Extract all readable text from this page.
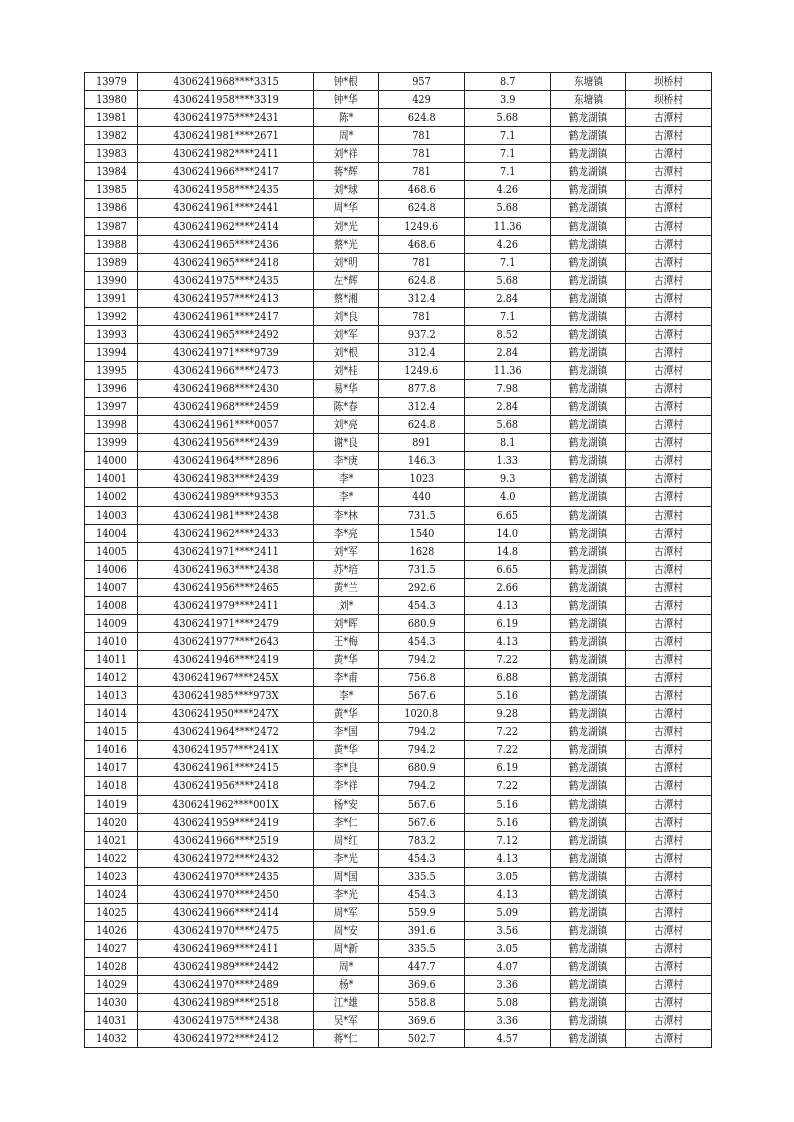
13979	4306241968****3315	钟*根	957	8.7	东塘镇	坝桥村
13980	4306241958****3319	钟*华	429	3.9	东塘镇	坝桥村
13981	4306241975****2431	陈*	624.8	5.68	鹤龙湖镇	古潭村
13982	4306241981****2671	周*	781	7.1	鹤龙湖镇	古潭村
13983	4306241982****2411	刘*祥	781	7.1	鹤龙湖镇	古潭村
13984	4306241966****2417	蒋*辉	781	7.1	鹤龙湖镇	古潭村
13985	4306241958****2435	刘*球	468.6	4.26	鹤龙湖镇	古潭村
13986	4306241961****2441	周*华	624.8	5.68	鹤龙湖镇	古潭村
13987	4306241962****2414	刘*光	1249.6	11.36	鹤龙湖镇	古潭村
13988	4306241965****2436	蔡*光	468.6	4.26	鹤龙湖镇	古潭村
13989	4306241965****2418	刘*明	781	7.1	鹤龙湖镇	古潭村
13990	4306241975****2435	左*辉	624.8	5.68	鹤龙湖镇	古潭村
13991	4306241957****2413	蔡*湘	312.4	2.84	鹤龙湖镇	古潭村
13992	4306241961****2417	刘*良	781	7.1	鹤龙湖镇	古潭村
13993	4306241965****2492	刘*军	937.2	8.52	鹤龙湖镇	古潭村
13994	4306241971****9739	刘*根	312.4	2.84	鹤龙湖镇	古潭村
13995	4306241966****2473	刘*桂	1249.6	11.36	鹤龙湖镇	古潭村
13996	4306241968****2430	易*华	877.8	7.98	鹤龙湖镇	古潭村
13997	4306241968****2459	陈*春	312.4	2.84	鹤龙湖镇	古潭村
13998	4306241961****0057	刘*亮	624.8	5.68	鹤龙湖镇	古潭村
13999	4306241956****2439	谢*良	891	8.1	鹤龙湖镇	古潭村
14000	4306241964****2896	李*庚	146.3	1.33	鹤龙湖镇	古潭村
14001	4306241983****2439	李*	1023	9.3	鹤龙湖镇	古潭村
14002	4306241989****9353	李*	440	4.0	鹤龙湖镇	古潭村
14003	4306241981****2438	李*林	731.5	6.65	鹤龙湖镇	古潭村
14004	4306241962****2433	李*亮	1540	14.0	鹤龙湖镇	古潭村
14005	4306241971****2411	刘*军	1628	14.8	鹤龙湖镇	古潭村
14006	4306241963****2438	苏*培	731.5	6.65	鹤龙湖镇	古潭村
14007	4306241956****2465	黄*兰	292.6	2.66	鹤龙湖镇	古潭村
14008	4306241979****2411	刘*	454.3	4.13	鹤龙湖镇	古潭村
14009	4306241971****2479	刘*晖	680.9	6.19	鹤龙湖镇	古潭村
14010	4306241977****2643	王*梅	454.3	4.13	鹤龙湖镇	古潭村
14011	4306241946****2419	黄*华	794.2	7.22	鹤龙湖镇	古潭村
14012	4306241967****245X	李*甫	756.8	6.88	鹤龙湖镇	古潭村
14013	4306241985****973X	李*	567.6	5.16	鹤龙湖镇	古潭村
14014	4306241950****247X	黄*华	1020.8	9.28	鹤龙湖镇	古潭村
14015	4306241964****2472	李*国	794.2	7.22	鹤龙湖镇	古潭村
14016	4306241957****241X	黄*华	794.2	7.22	鹤龙湖镇	古潭村
14017	4306241961****2415	李*良	680.9	6.19	鹤龙湖镇	古潭村
14018	4306241956****2418	李*祥	794.2	7.22	鹤龙湖镇	古潭村
14019	4306241962****001X	杨*安	567.6	5.16	鹤龙湖镇	古潭村
14020	4306241959****2419	李*仁	567.6	5.16	鹤龙湖镇	古潭村
14021	4306241966****2519	周*红	783.2	7.12	鹤龙湖镇	古潭村
14022	4306241972****2432	李*光	454.3	4.13	鹤龙湖镇	古潭村
14023	4306241970****2435	周*国	335.5	3.05	鹤龙湖镇	古潭村
14024	4306241970****2450	李*光	454.3	4.13	鹤龙湖镇	古潭村
14025	4306241966****2414	周*军	559.9	5.09	鹤龙湖镇	古潭村
14026	4306241970****2475	周*安	391.6	3.56	鹤龙湖镇	古潭村
14027	4306241969****2411	周*新	335.5	3.05	鹤龙湖镇	古潭村
14028	4306241989****2442	周*	447.7	4.07	鹤龙湖镇	古潭村
14029	4306241970****2489	杨*	369.6	3.36	鹤龙湖镇	古潭村
14030	4306241989****2518	江*雄	558.8	5.08	鹤龙湖镇	古潭村
14031	4306241975****2438	吴*军	369.6	3.36	鹤龙湖镇	古潭村
14032	4306241972****2412	蒋*仁	502.7	4.57	鹤龙湖镇	古潭村
